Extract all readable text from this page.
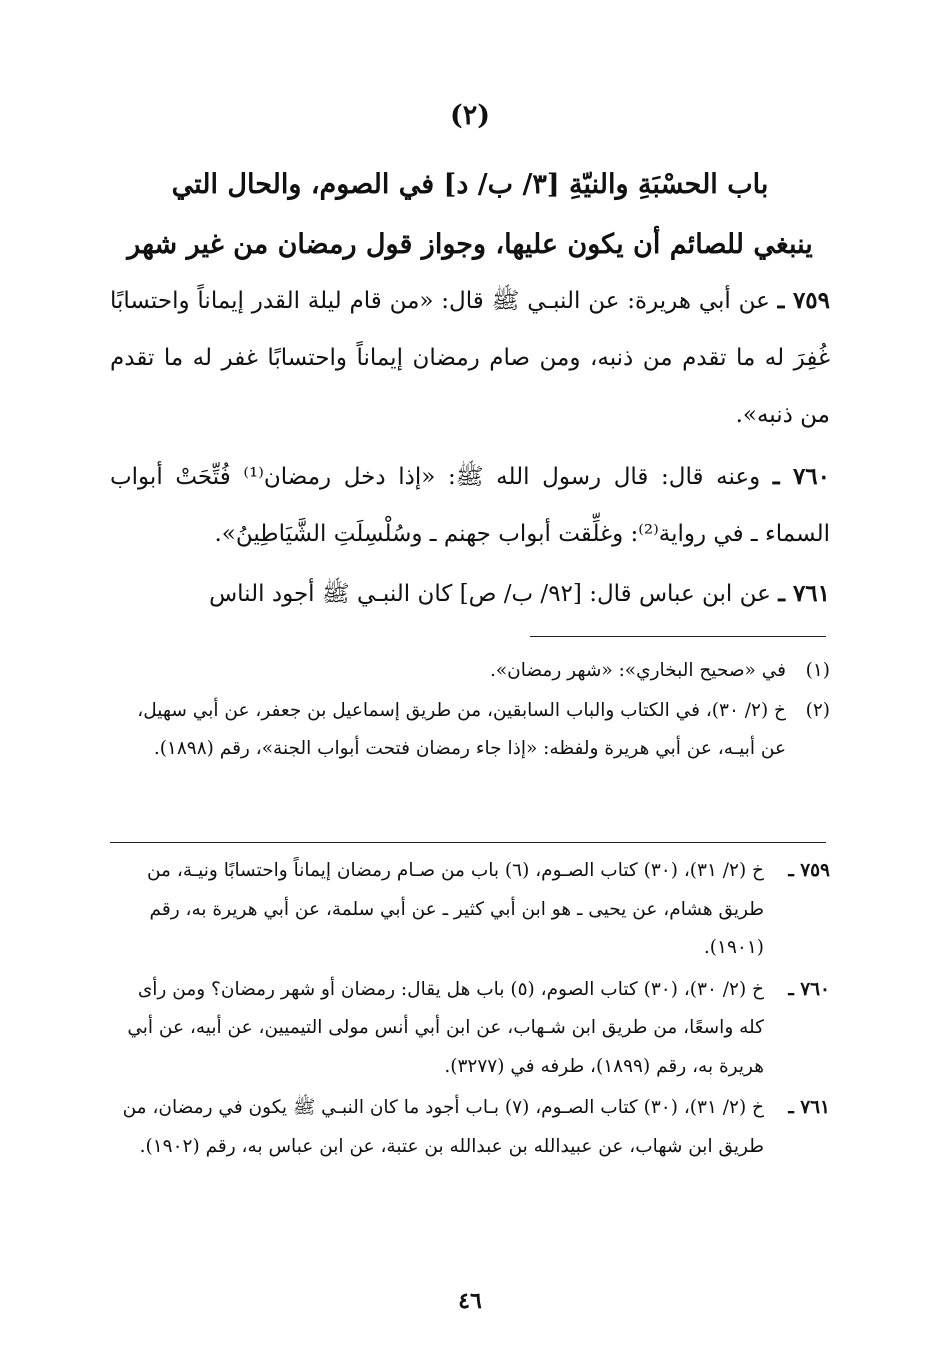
(٢)
باب الحسْبَةِ والنيّةِ [٣/ ب/ د] في الصوم، والحال التي
ينبغي للصائم أن يكون عليها، وجواز قول رمضان من غير شهر
٧٥٩ ـ عن أبي هريرة: عن النبـي ﷺ قال: «من قام ليلة القدر إيماناً واحتسابًا غُفِرَ له ما تقدم من ذنبه، ومن صام رمضان إيماناً واحتسابًا غفر له ما تقدم من ذنبه».
٧٦٠ ـ وعنه قال: قال رسول الله ﷺ: «إذا دخل رمضان⁽¹⁾ فُتِّحَتْ أبواب السماء ـ في رواية⁽²⁾: وغلِّقت أبواب جهنم ـ وسُلْسِلَتِ الشَّيَاطِينُ».
٧٦١ ـ عن ابن عباس قال: [٩٢/ ب/ ص] كان النبـي ﷺ أجود الناس
(١)
في «صحيح البخاري»: «شهر رمضان».
(٢)
خ (٢/ ٣٠)، في الكتاب والباب السابقين، من طريق إسماعيل بن جعفر، عن أبي سهيل، عن أبيـه، عن أبي هريرة ولفظه: «إذا جاء رمضان فتحت أبواب الجنة»، رقم (١٨٩٨).
٧٥٩ ـ
خ (٢/ ٣١)، (٣٠) كتاب الصـوم، (٦) باب من صـام رمضان إيماناً واحتسابًا ونيـة، من طريق هشام، عن يحيى ـ هو ابن أبي كثير ـ عن أبي سلمة، عن أبي هريرة به، رقم (١٩٠١).
٧٦٠ ـ
خ (٢/ ٣٠)، (٣٠) كتاب الصوم، (٥) باب هل يقال: رمضان أو شهر رمضان؟ ومن رأى كله واسعًا، من طريق ابن شـهاب، عن ابن أبي أنس مولى التيميين، عن أبيه، عن أبي هريرة به، رقم (١٨٩٩)، طرفه في (٣٢٧٧).
٧٦١ ـ
خ (٢/ ٣١)، (٣٠) كتاب الصـوم، (٧) بـاب أجود ما كان النبـي ﷺ يكون في رمضان، من طريق ابن شهاب، عن عبيدالله بن عبدالله بن عتبة، عن ابن عباس به، رقم (١٩٠٢).
٤٦
